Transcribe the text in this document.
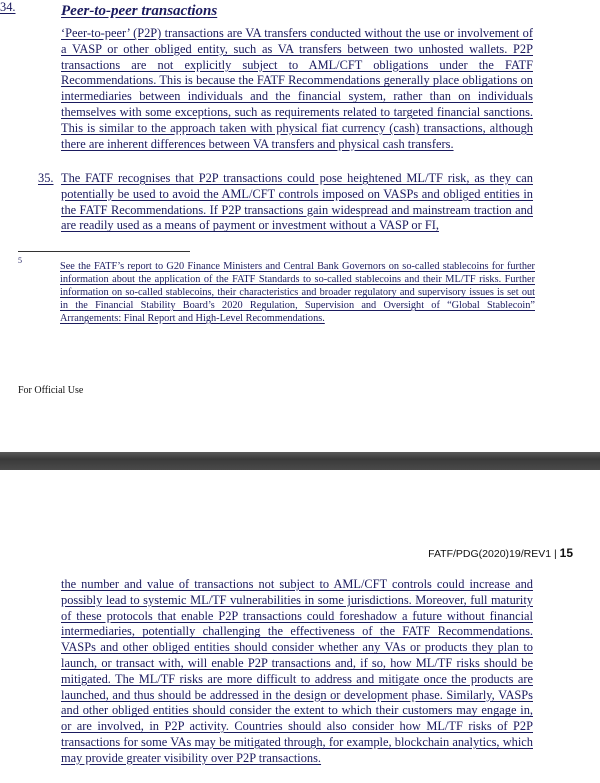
Peer-to-peer transactions
34.
‘Peer-to-peer’ (P2P) transactions are VA transfers conducted without the use or involvement of a VASP or other obliged entity, such as VA transfers between two unhosted wallets. P2P transactions are not explicitly subject to AML/CFT obligations under the FATF Recommendations. This is because the FATF Recommendations generally place obligations on intermediaries between individuals and the financial system, rather than on individuals themselves with some exceptions, such as requirements related to targeted financial sanctions. This is similar to the approach taken with physical fiat currency (cash) transactions, although there are inherent differences between VA transfers and physical cash transfers.
35. The FATF recognises that P2P transactions could pose heightened ML/TF risk, as they can potentially be used to avoid the AML/CFT controls imposed on VASPs and obliged entities in the FATF Recommendations. If P2P transactions gain widespread and mainstream traction and are readily used as a means of payment or investment without a VASP or FI,
5
See the FATF’s report to G20 Finance Ministers and Central Bank Governors on so-called stablecoins for further information about the application of the FATF Standards to so-called stablecoins and their ML/TF risks. Further information on so-called stablecoins, their characteristics and broader regulatory and supervisory issues is set out in the Financial Stability Board’s 2020 Regulation, Supervision and Oversight of “Global Stablecoin” Arrangements: Final Report and High-Level Recommendations.
For Official Use
FATF/PDG(2020)19/REV1 | 15
the number and value of transactions not subject to AML/CFT controls could increase and possibly lead to systemic ML/TF vulnerabilities in some jurisdictions. Moreover, full maturity of these protocols that enable P2P transactions could foreshadow a future without financial intermediaries, potentially challenging the effectiveness of the FATF Recommendations. VASPs and other obliged entities should consider whether any VAs or products they plan to launch, or transact with, will enable P2P transactions and, if so, how ML/TF risks should be mitigated. The ML/TF risks are more difficult to address and mitigate once the products are launched, and thus should be addressed in the design or development phase. Similarly, VASPs and other obliged entities should consider the extent to which their customers may engage in, or are involved, in P2P activity. Countries should also consider how ML/TF risks of P2P transactions for some VAs may be mitigated through, for example, blockchain analytics, which may provide greater visibility over P2P transactions.
